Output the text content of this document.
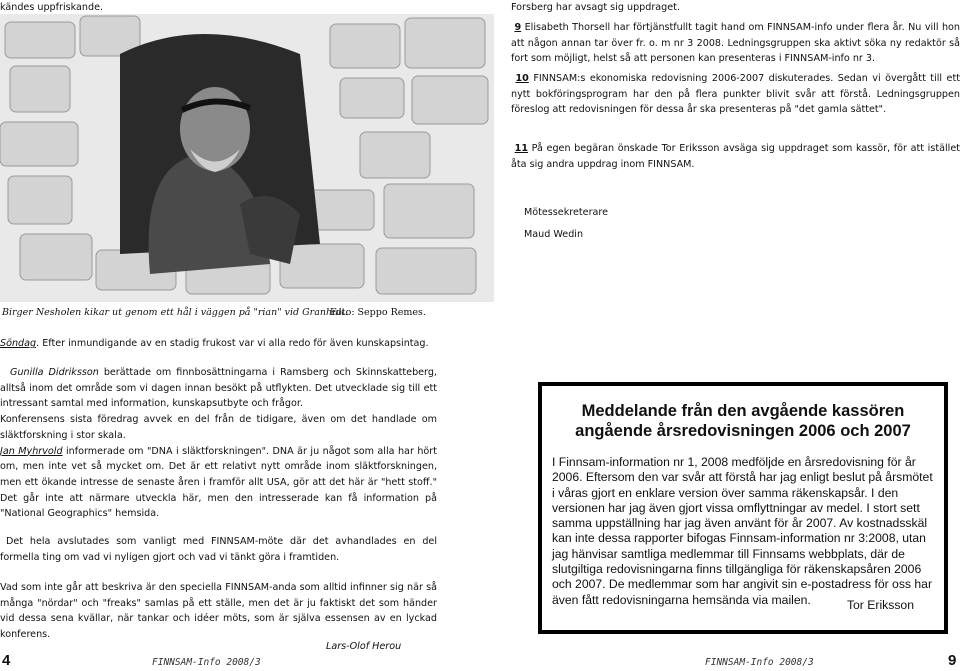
kändes uppfriskande.
Birger Nesholen kikar ut genom ett hål i väggen på "rian" vid Granhult.
Foto: Seppo Remes.
Söndag. Efter inmundigande av en stadig frukost var vi alla redo för även kunskapsintag.
Gunilla Didriksson berättade om finnbosättningarna i Ramsberg och Skinnskatteberg, alltså inom det område som vi dagen innan besökt på utflykten. Det utvecklade sig till ett intressant samtal med information, kunskapsutbyte och frågor.
Konferensens sista föredrag avvek en del från de tidigare, även om det handlade om släktforskning i stor skala.
Jan Myhrvold informerade om "DNA i släktforskningen". DNA är ju något som alla har hört om, men inte vet så mycket om. Det är ett relativt nytt område inom släktforskningen, men ett ökande intresse de senaste åren i framför allt USA, gör att det här är "hett stoff." Det går inte att närmare utveckla här, men den intresserade kan få information på "National Geographics" hemsida.
Det hela avslutades som vanligt med FINNSAM-möte där det avhandlades en del formella ting om vad vi nyligen gjort och vad vi tänkt göra i framtiden.
Vad som inte går att beskriva är den speciella FINNSAM-anda som alltid infinner sig när så många "nördar" och "freaks" samlas på ett ställe, men det är ju faktiskt det som händer vid dessa sena kvällar, när tankar och idéer möts, som är själva essensen av en lyckad konferens.
Lars-Olof Herou
4	FINNSAM-Info 2008/3
Forsberg har avsagt sig uppdraget.
9 Elisabeth Thorsell har förtjänstfullt tagit hand om FINNSAM-info under flera år. Nu vill hon att någon annan tar över fr. o. m nr 3 2008. Ledningsgruppen ska aktivt söka ny redaktör så fort som möjligt, helst så att personen kan presenteras i FINNSAM-info nr 3.
10 FINNSAM:s ekonomiska redovisning 2006-2007 diskuterades. Sedan vi övergått till ett nytt bokföringsprogram har den på flera punkter blivit svår att förstå. Ledningsgruppen föreslog att redovisningen för dessa år ska presenteras på "det gamla sättet".
11 På egen begäran önskade Tor Eriksson avsäga sig uppdraget som kassör, för att istället åta sig andra uppdrag inom FINNSAM.
Mötessekreterare
Maud Wedin
Meddelande från den avgående kassören
angående årsredovisningen 2006 och 2007
I Finnsam-information nr 1, 2008 medföljde en årsredovisning för år 2006. Eftersom den var svår att förstå har jag enligt beslut på årsmötet i våras gjort en enklare version över samma räkenskapsår. I den versionen har jag även gjort vissa omflyttningar av medel. I stort sett samma uppställning har jag även använt för år 2007. Av kostnadsskäl kan inte dessa rapporter bifogas Finnsam-information nr 3:2008, utan jag hänvisar samtliga medlemmar till Finnsams webbplats, där de slutgiltiga redovisningarna finns tillgängliga för räkenskapsåren 2006 och 2007. De medlemmar som har angivit sin e-postadress för oss har även fått redovisningarna hemsända via mailen.	Tor Eriksson
FINNSAM-Info 2008/3	9
